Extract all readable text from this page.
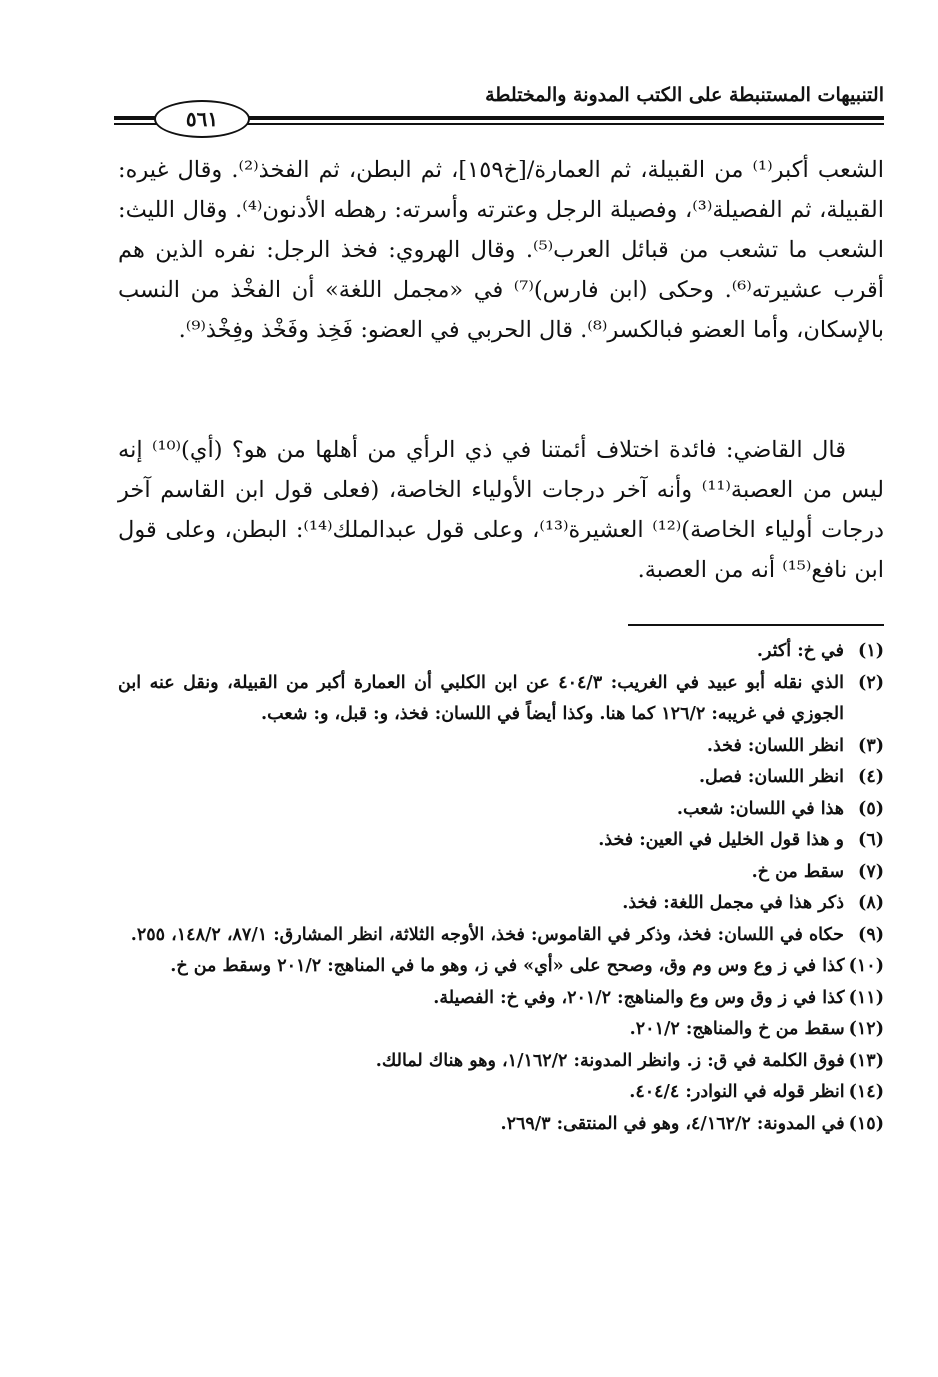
التنبيهات المستنبطة على الكتب المدونة والمختلطة
٥٦١

الشعب أكبر⁽¹⁾ من القبيلة، ثم العمارة/[خ١٥٩]، ثم البطن، ثم الفخذ⁽²⁾. وقال غيره: القبيلة، ثم الفصيلة⁽³⁾، وفصيلة الرجل وعترته وأسرته: رهطه الأدنون⁽⁴⁾. وقال الليث: الشعب ما تشعب من قبائل العرب⁽⁵⁾. وقال الهروي: فخذ الرجل: نفره الذين هم أقرب عشيرته⁽⁶⁾. وحكى (ابن فارس)⁽⁷⁾ في «مجمل اللغة» أن الفخْذ من النسب بالإسكان، وأما العضو فبالكسر⁽⁸⁾. قال الحربي في العضو: فَخِذ وفَخْذ وفِخْذ⁽⁹⁾.

قال القاضي: فائدة اختلاف أئمتنا في ذي الرأي من أهلها من هو؟ (أي)⁽¹⁰⁾ إنه ليس من العصبة⁽¹¹⁾ وأنه آخر درجات الأولياء الخاصة، (فعلى قول ابن القاسم آخر درجات أولياء الخاصة)⁽¹²⁾ العشيرة⁽¹³⁾، وعلى قول عبدالملك⁽¹⁴⁾: البطن، وعلى قول ابن نافع⁽¹⁵⁾ أنه من العصبة.

(١)
في خ: أكثر.
(٢)
الذي نقله أبو عبيد في الغريب: ٤٠٤/٣ عن ابن الكلبي أن العمارة أكبر من القبيلة، ونقل عنه ابن الجوزي في غريبه: ١٢٦/٢ كما هنا. وكذا أيضاً في اللسان: فخذ، و: قبل، و: شعب.
(٣)
انظر اللسان: فخذ.
(٤)
انظر اللسان: فصل.
(٥)
هذا في اللسان: شعب.
(٦)
و هذا قول الخليل في العين: فخذ.
(٧)
سقط من خ.
(٨)
ذكر هذا في مجمل اللغة: فخذ.
(٩)
حكاه في اللسان: فخذ، وذكر في القاموس: فخذ، الأوجه الثلاثة، انظر المشارق: ٨٧/١، ١٤٨/٢، ٢٥٥.
(١٠)
كذا في ز وع وس وم وق، وصحح على «أي» في ز، وهو ما في المناهج: ٢٠١/٢ وسقط من خ.
(١١)
كذا في ز وق وس وع والمناهج: ٢٠١/٢، وفي خ: الفصيلة.
(١٢)
سقط من خ والمناهج: ٢٠١/٢.
(١٣)
فوق الكلمة في ق: ز. وانظر المدونة: ١/١٦٢/٢، وهو هناك لمالك.
(١٤)
انظر قوله في النوادر: ٤٠٤/٤.
(١٥)
في المدونة: ٤/١٦٢/٢، وهو في المنتقى: ٢٦٩/٣.
